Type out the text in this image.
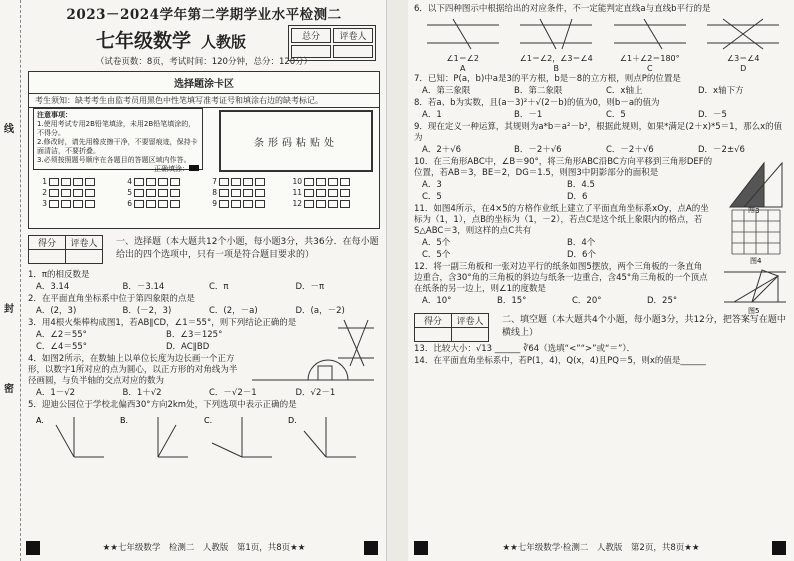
线
封
密
2023－2024学年第二学期学业水平检测二
七年级数学 人教版	总分	评卷人

（试卷页数：8页，考试时间：120分钟，总分：120分）
选择题涂卡区
考生须知：缺考考生由监考员用黑色中性笔填写准考证号和填涂右边的缺考标记。
注意事项：
1.使用考试专用2B铅笔填涂，未用2B铅笔填涂的，不得分。
2.修改时，请先用橡皮擦干净，不要留痕迹，保持卡面清洁，不要折叠。
3.必须按照题号顺序在各题目的答题区域内作答。
正确填涂：
条形码粘贴处
1	4	7	10
2	5	8	11
3	6	9	12
得分	评卷人
	一、选择题（本大题共12个小题，每小题3分，共36分．在每小题给出的四个选项中，只有一项是符合题目要求的）
1．π的相反数是
A．3.14	B．－3.14	C．π	D．－π
2．在平面直角坐标系中位于第四象限的点是
A．(2，3)	B．(－2，3)	C．(2，－a)	D．(a，－2)
3．用4根火柴棒构成图1，若AB∥CD，∠1＝55°，则下列结论正确的是
A．∠2＝55°	B．∠3＝125°
C．∠4＝55°	D．AC∥BD
4．如图2所示，在数轴上以单位长度为边长画一个正方形，以数字1所对应的点为圆心，以正方形的对角线为半径画圆，与负半轴的交点对应的数为
A．1－√2	B．1＋√2	C．－√2－1	D．√2－1
5．迎迪公园位于学校北偏西30°方向2km处，下列选项中表示正确的是
A.	B.	C.	D.
★★七年级数学　检测二　人教版　第1页，共8页★★
6．以下四种图示中根据给出的对应条件，不一定能判定直线a与直线b平行的是
∠1＝∠2
A
∠1＝∠2，∠3＝∠4
B
∠1＋∠2＝180°
C
∠3＝∠4
D
7．已知：P(a，b)中a是3的平方根，b是－8的立方根，则点P的位置是
A．第三象限	B．第二象限	C．x轴上	D．x轴下方
8．若a、b为实数，且(a－3)²＋√(2－b)的值为0，则b－a的值为
A．1	B．－1	C．5	D．－5
9．现在定义一种运算，其规则为a*b＝a²－b²，根据此规则，如果*满足(2＋x)*5＝1，那么x的值为
A．2＋√6	B．－2＋√6	C．－2＋√6	D．－2±√6
10．在三角形ABC中，∠B＝90°，将三角形ABC沿BC方向平移到三角形DEF的位置，若AB＝3，BE＝2，DG＝1.5，则图3中阴影部分的面积是
图3
A．3	B．4.5
C．5	D．6
11．如图4所示，在4×5的方格作业纸上建立了平面直角坐标系xOy，点A的坐标为（1，1），点B的坐标为（1，－2），若点C是这个纸上象限内的格点，若S△ABC＝3，则这样的点C共有
图4
A．5个	B．4个
C．5个	D．6个
12．将一副三角板和一张对边平行的纸条如图5摆放，两个三角板的一条直角边重合，含30°角的三角板的斜边与纸条一边重合，含45°角三角板的一个顶点在纸条的另一边上，则∠1的度数是
图5
A．10°	B．15°	C．20°	D．25°
得分	评卷人
	二、填空题（本大题共4个小题，每小题3分，共12分，把答案写在题中横线上）
13．比较大小：√13 ______ ∛64（选填“<”“>”或“＝”）．
14．在平面直角坐标系中，若P(1，4)，Q(x，4)且PQ＝5，则x的值是______
★★七年级数学·检测二　人教版　第2页，共8页★★
